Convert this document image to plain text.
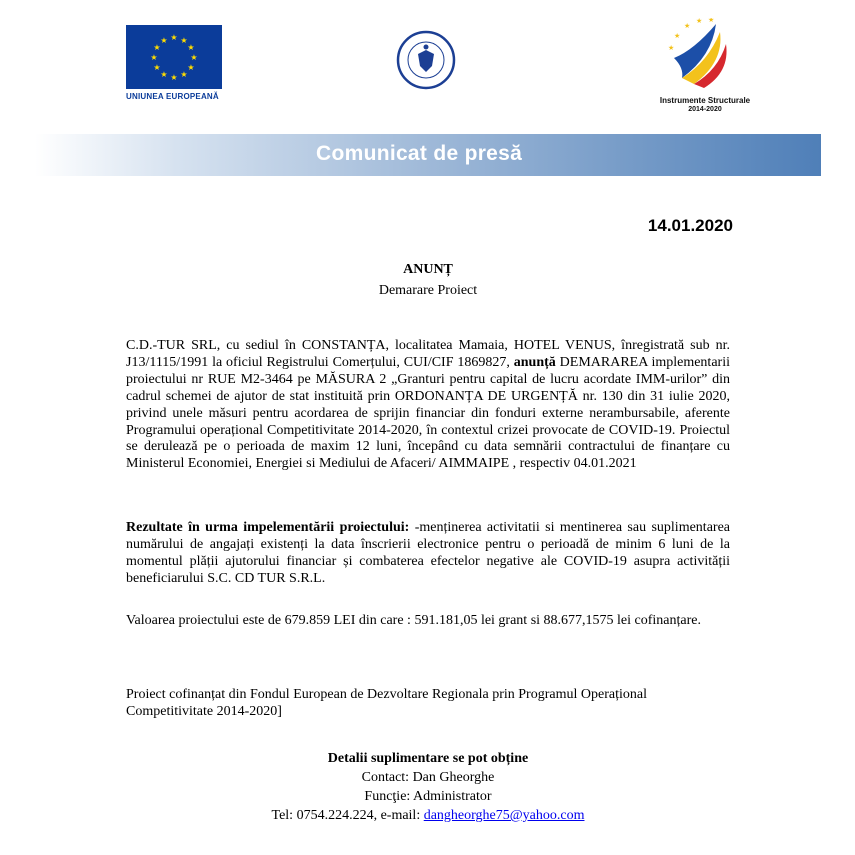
★ ★
★
★
★
★
★
★
★
★
★
★
UNIUNEA EUROPEANĂ
★
★
★
★ ★
Instrumente Structurale
2014-2020
Comunicat de presă
14.01.2020
ANUNȚ
Demarare Proiect
C.D.-TUR SRL, cu sediul în CONSTANȚA, localitatea Mamaia, HOTEL VENUS, înregistrată sub nr. J13/1115/1991 la oficiul Registrului Comerțului, CUI/CIF 1869827, anunță DEMARAREA implementarii proiectului nr RUE M2-3464 pe MĂSURA 2 „Granturi pentru capital de lucru acordate IMM-urilor” din cadrul schemei de ajutor de stat instituită prin ORDONANȚA DE URGENȚĂ nr. 130 din 31 iulie 2020, privind unele măsuri pentru acordarea de sprijin financiar din fonduri externe nerambursabile, aferente Programului operațional Competitivitate 2014-2020, în contextul crizei provocate de COVID-19. Proiectul se derulează pe o perioada de maxim 12 luni, începând cu data semnării contractului de finanțare cu Ministerul Economiei, Energiei si Mediului de Afaceri/ AIMMAIPE , respectiv 04.01.2021
Rezultate în urma impelementării proiectului: -menținerea activitatii si mentinerea sau suplimentarea numărului de angajați existenți la data înscrierii electronice pentru o perioadă de minim 6 luni de la momentul plății ajutorului financiar și combaterea efectelor negative ale COVID-19 asupra activității beneficiarului S.C. CD TUR S.R.L.
Valoarea proiectului este de 679.859 LEI din care : 591.181,05 lei grant si 88.677,1575 lei cofinanțare.
Proiect cofinanțat din Fondul European de Dezvoltare Regionala prin Programul Operațional Competitivitate 2014-2020]
Detalii suplimentare se pot obține
Contact: Dan Gheorghe
Funcţie: Administrator
Tel: 0754.224.224, e-mail: dangheorghe75@yahoo.com
